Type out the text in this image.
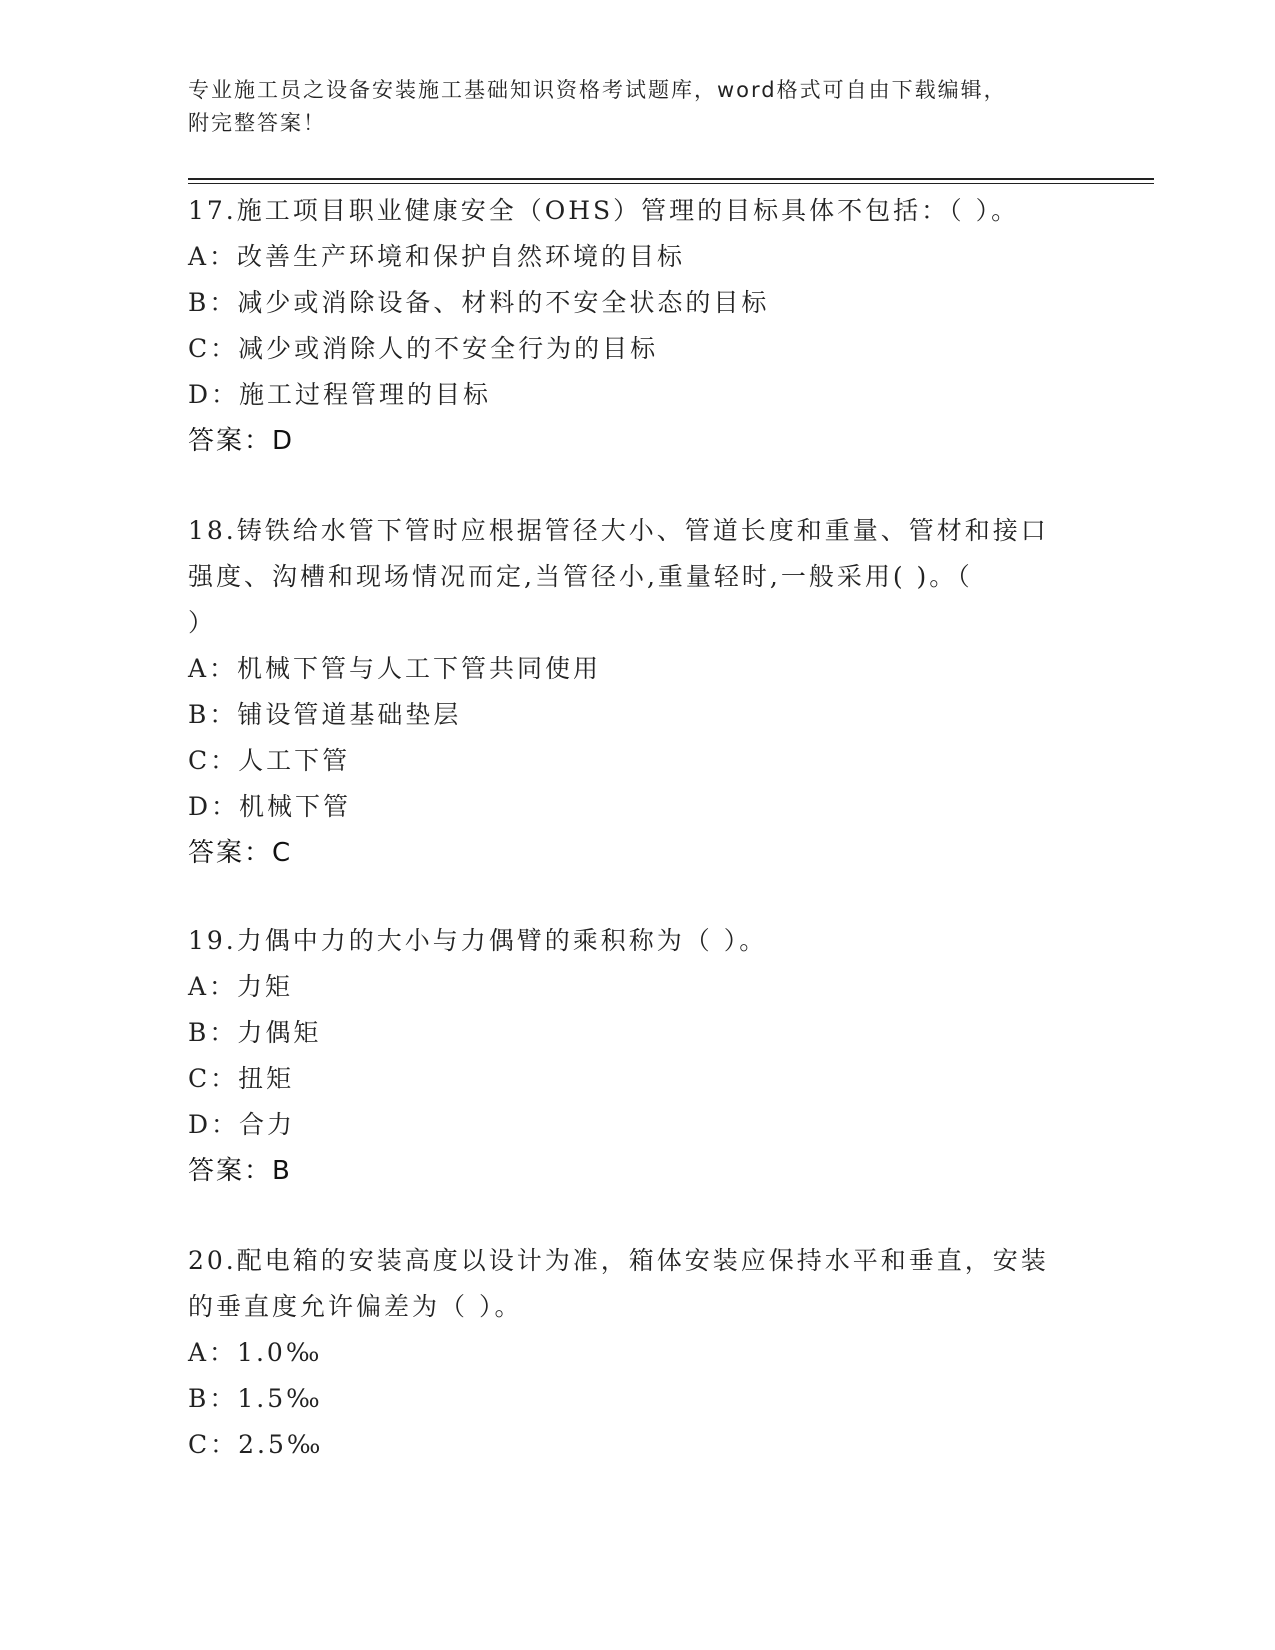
专业施工员之设备安装施工基础知识资格考试题库，word格式可自由下载编辑，

附完整答案！

17.施工项目职业健康安全（OHS）管理的目标具体不包括：（ ）。
A：改善生产环境和保护自然环境的目标
B：减少或消除设备、材料的不安全状态的目标
C：减少或消除人的不安全行为的目标
D：施工过程管理的目标
答案：D
18.铸铁给水管下管时应根据管径大小、管道长度和重量、管材和接口
强度、沟槽和现场情况而定,当管径小,重量轻时,一般采用( )。（
）
A：机械下管与人工下管共同使用
B：铺设管道基础垫层
C：人工下管
D：机械下管
答案：C
19.力偶中力的大小与力偶臂的乘积称为（ ）。
A：力矩
B：力偶矩
C：扭矩
D：合力
答案：B
20.配电箱的安装高度以设计为准，箱体安装应保持水平和垂直，安装
的垂直度允许偏差为（ ）。
A：1.0‰
B：1.5‰
C：2.5‰
